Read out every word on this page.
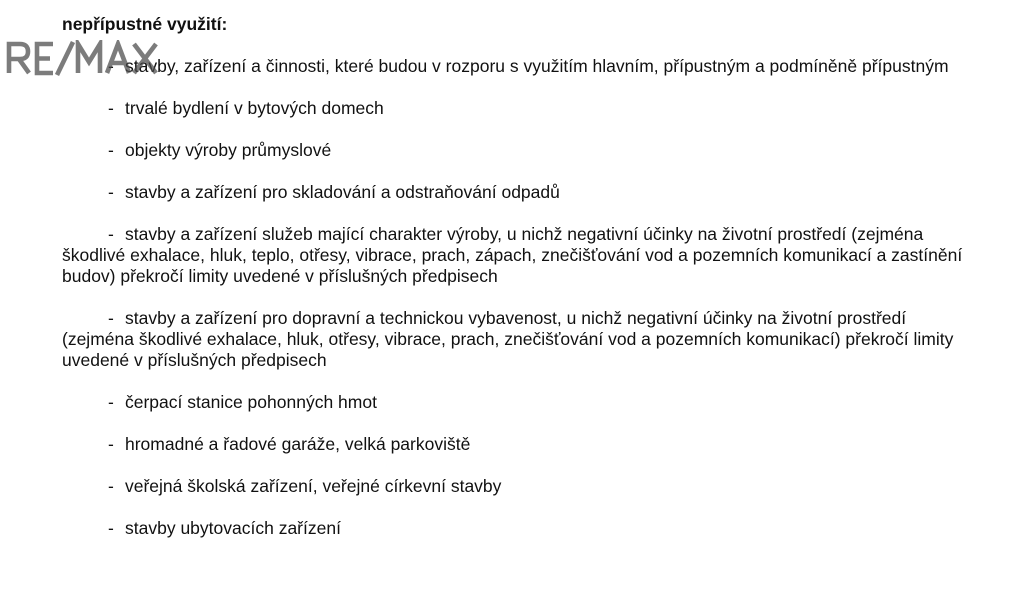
nepřípustné využití:

- stavby, zařízení a činnosti, které budou v rozporu s využitím hlavním, přípustným a podmíněně přípustným

- trvalé bydlení v bytových domech

- objekty výroby průmyslové

- stavby a zařízení pro skladování a odstraňování odpadů

- stavby a zařízení služeb mající charakter výroby, u nichž negativní účinky na životní prostředí (zejména škodlivé exhalace, hluk, teplo, otřesy, vibrace, prach, zápach, znečišťování vod a pozemních komunikací a zastínění budov) překročí limity uvedené v příslušných předpisech

- stavby a zařízení pro dopravní a technickou vybavenost, u nichž negativní účinky na životní prostředí (zejména škodlivé exhalace, hluk, otřesy, vibrace, prach, znečišťování vod a pozemních komunikací) překročí limity uvedené v příslušných předpisech

- čerpací stanice pohonných hmot

- hromadné a řadové garáže, velká parkoviště

- veřejná školská zařízení, veřejné církevní stavby

- stavby ubytovacích zařízení
